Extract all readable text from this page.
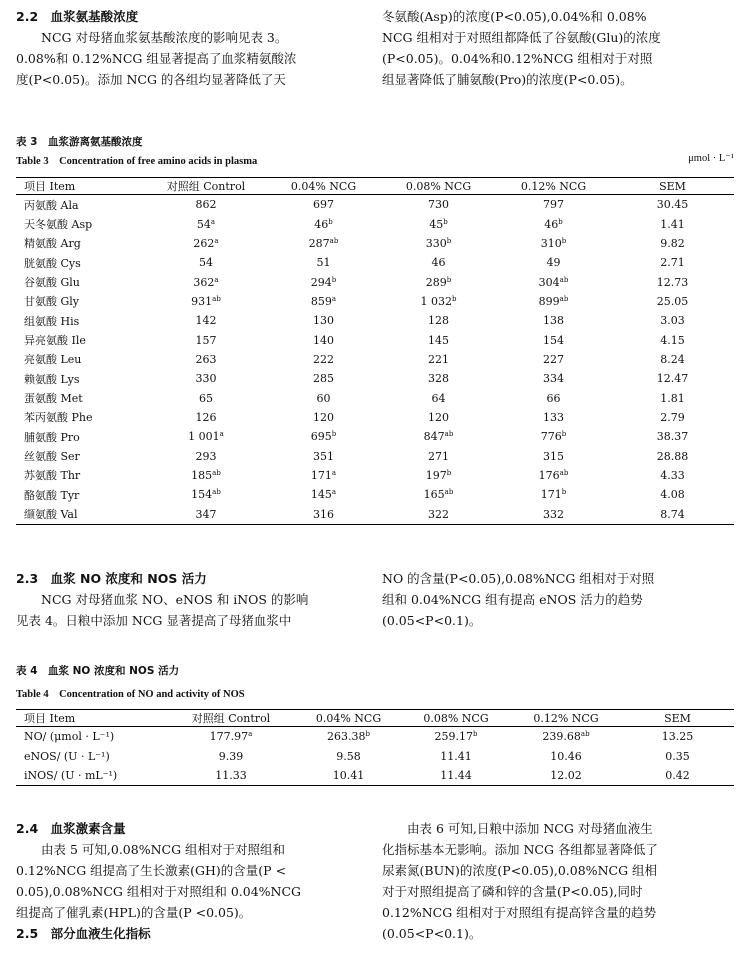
2.2　血浆氨基酸浓度

NCG 对母猪血浆氨基酸浓度的影响见表 3。

0.08%和 0.12%NCG 组显著提高了血浆精氨酸浓

度(P<0.05)。添加 NCG 的各组均显著降低了天

冬氨酸(Asp)的浓度(P<0.05),0.04%和 0.08%

NCG 组相对于对照组都降低了谷氨酸(Glu)的浓度

(P<0.05)。0.04%和0.12%NCG 组相对于对照

组显著降低了脯氨酸(Pro)的浓度(P<0.05)。

表 3　血浆游离氨基酸浓度
Table 3　Concentration of free amino acids in plasma	μmol · L⁻¹
项目 Item	对照组 Control	0.04% NCG	0.08% NCG	0.12% NCG	SEM
丙氨酸 Ala	862	697	730	797	30.45
天冬氨酸 Asp	54$^a$	46$^b$	45$^b$	46$^b$	1.41
精氨酸 Arg	262$^a$	$287^{ab}$	330$^b$	310$^b$	9.82
胱氨酸 Cys	54	51	46	49	2.71
谷氨酸 Glu	362$^a$	294$^b$	289$^b$	$304^{ab}$	12.73
甘氨酸 Gly	$931^{ab}$	859$^a$	1 032$^b$	$899^{ab}$	25.05
组氨酸 His	142	130	128	138	3.03
异亮氨酸 Ile	157	140	145	154	4.15
亮氨酸 Leu	263	222	221	227	8.24
赖氨酸 Lys	330	285	328	334	12.47
蛋氨酸 Met	65	60	64	66	1.81
苯丙氨酸 Phe	126	120	120	133	2.79
脯氨酸 Pro	1 001$^a$	695$^b$	$847^{ab}$	776$^b$	38.37
丝氨酸 Ser	293	351	271	315	28.88
苏氨酸 Thr	$185^{ab}$	171$^a$	197$^b$	$176^{ab}$	4.33
酪氨酸 Tyr	$154^{ab}$	145$^a$	$165^{ab}$	171$^b$	4.08
缬氨酸 Val	347	316	322	332	8.74
2.3　血浆 NO 浓度和 NOS 活力

NCG 对母猪血浆 NO、eNOS 和 iNOS 的影响

见表 4。日粮中添加 NCG 显著提高了母猪血浆中

NO 的含量(P<0.05),0.08%NCG 组相对于对照

组和 0.04%NCG 组有提高 eNOS 活力的趋势

(0.05<P<0.1)。

表 4　血浆 NO 浓度和 NOS 活力
Table 4　Concentration of NO and activity of NOS
项目 Item	对照组 Control	0.04% NCG	0.08% NCG	0.12% NCG	SEM
NO/ (μmol · L⁻¹)	177.97$^a$	263.38$^b$	259.17$^b$	239.68$^{ab}$	13.25
eNOS/ (U · L⁻¹)	9.39	9.58	11.41	10.46	0.35
iNOS/ (U · mL⁻¹)	11.33	10.41	11.44	12.02	0.42
2.4　血浆激素含量

由表 5 可知,0.08%NCG 组相对于对照组和

0.12%NCG 组提高了生长激素(GH)的含量(P <

0.05),0.08%NCG 组相对于对照组和 0.04%NCG

组提高了催乳素(HPL)的含量(P <0.05)。

2.5　部分血液生化指标

由表 6 可知,日粮中添加 NCG 对母猪血液生

化指标基本无影响。添加 NCG 各组都显著降低了

尿素氮(BUN)的浓度(P<0.05),0.08%NCG 组相

对于对照组提高了磷和锌的含量(P<0.05),同时

0.12%NCG 组相对于对照组有提高锌含量的趋势

(0.05<P<0.1)。
